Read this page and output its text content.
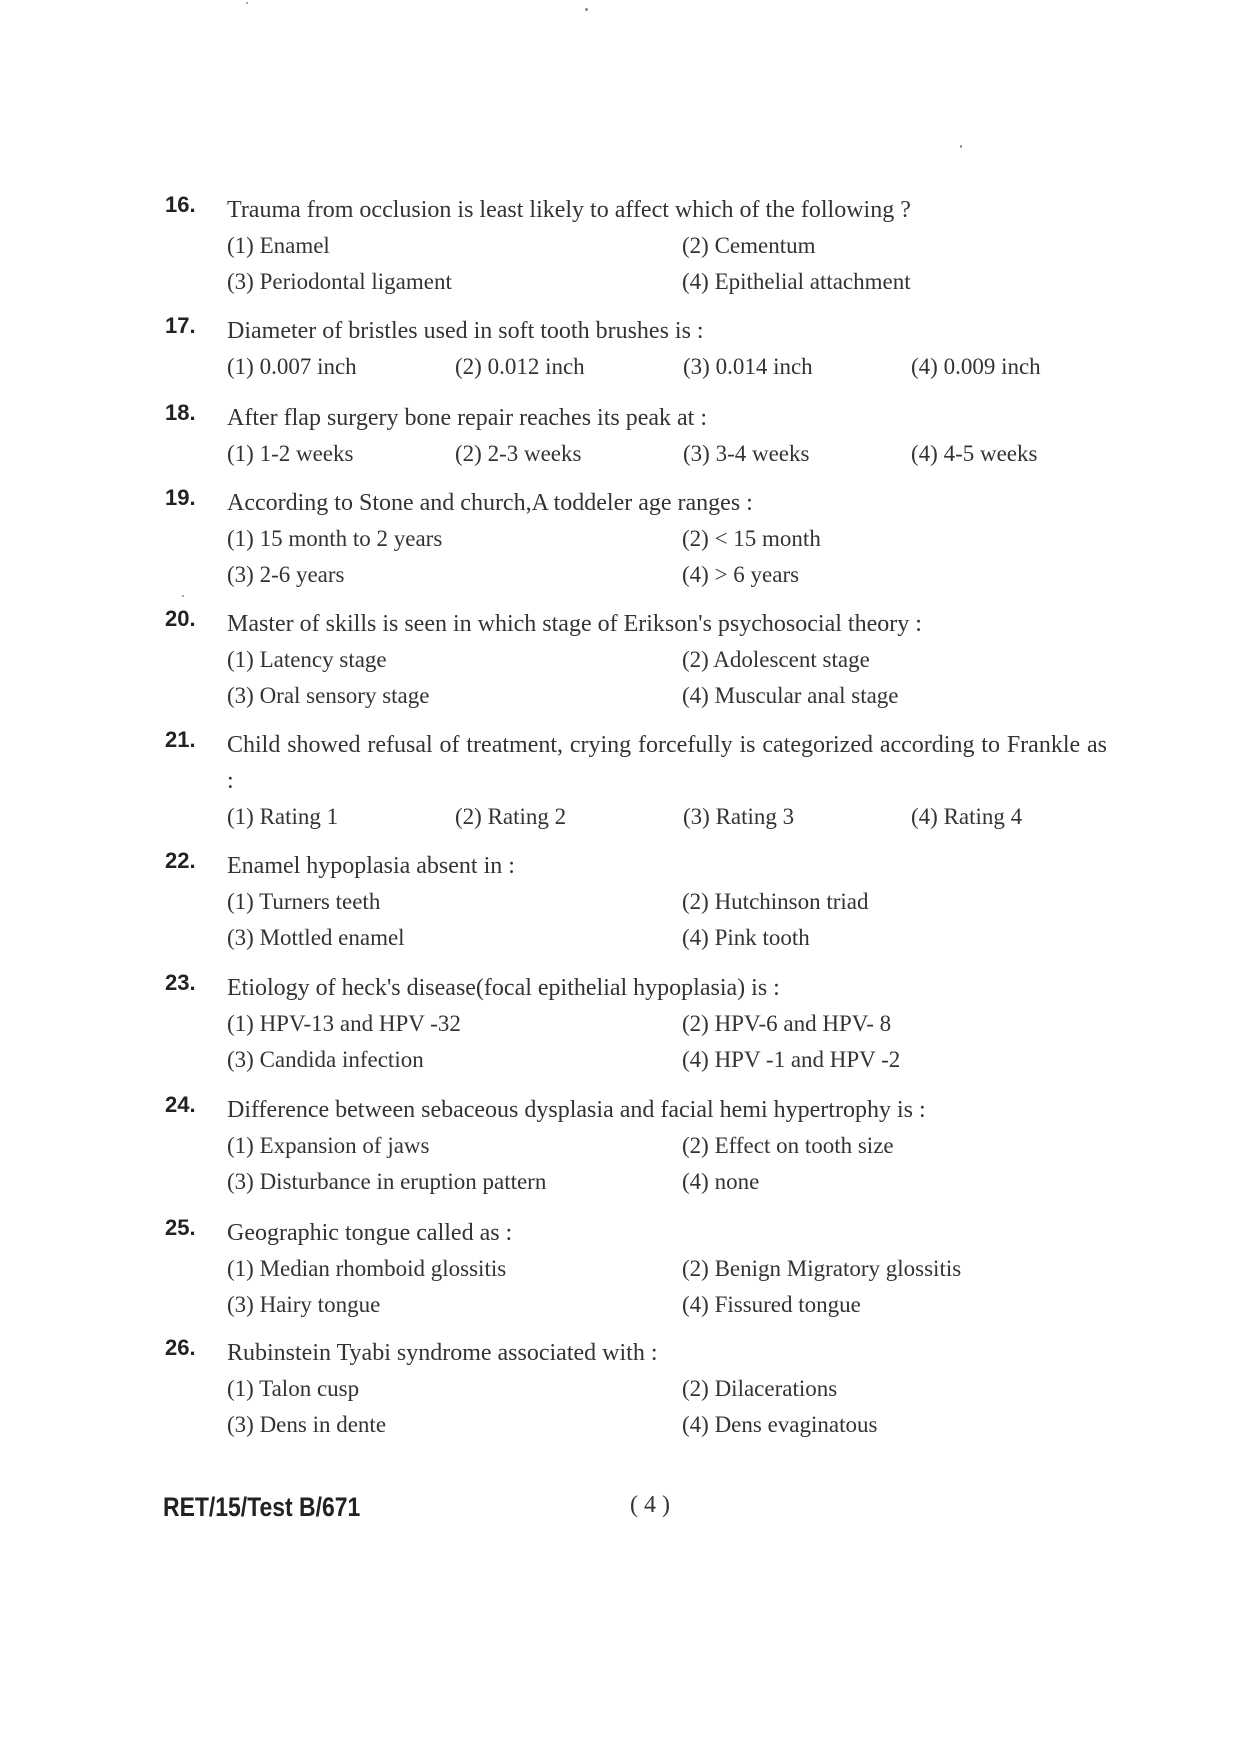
16. Trauma from occlusion is least likely to affect which of the following ?
(1) Enamel	(2) Cementum
(3) Periodontal ligament	(4) Epithelial attachment
17. Diameter of bristles used in soft tooth brushes is :
(1) 0.007 inch	(2) 0.012 inch	(3) 0.014 inch	(4) 0.009 inch
18. After flap surgery bone repair reaches its peak at :
(1) 1-2 weeks	(2) 2-3 weeks	(3) 3-4 weeks	(4) 4-5 weeks
19. According to Stone and church,A toddeler age ranges :
(1) 15 month to 2 years	(2) < 15 month
(3) 2-6 years	(4) > 6 years
20. Master of skills is seen in which stage of Erikson's psychosocial theory :
(1) Latency stage	(2) Adolescent stage
(3) Oral sensory stage	(4) Muscular anal stage
21. Child showed refusal of treatment, crying forcefully is categorized according to Frankle as :
(1) Rating 1	(2) Rating 2	(3) Rating 3	(4) Rating 4
22. Enamel hypoplasia absent in :
(1) Turners teeth	(2) Hutchinson triad
(3) Mottled enamel	(4) Pink tooth
23. Etiology of heck's disease(focal epithelial hypoplasia) is :
(1) HPV-13 and HPV -32	(2) HPV-6 and HPV- 8
(3) Candida infection	(4) HPV -1 and HPV -2
24. Difference between sebaceous dysplasia and facial hemi hypertrophy is :
(1) Expansion of jaws	(2) Effect on tooth size
(3) Disturbance in eruption pattern	(4) none
25. Geographic tongue called as :
(1) Median rhomboid glossitis	(2) Benign Migratory glossitis
(3) Hairy tongue	(4) Fissured tongue
26. Rubinstein Tyabi syndrome associated with :
(1) Talon cusp	(2) Dilacerations
(3) Dens in dente	(4) Dens evaginatous
RET/15/Test B/671	( 4 )
